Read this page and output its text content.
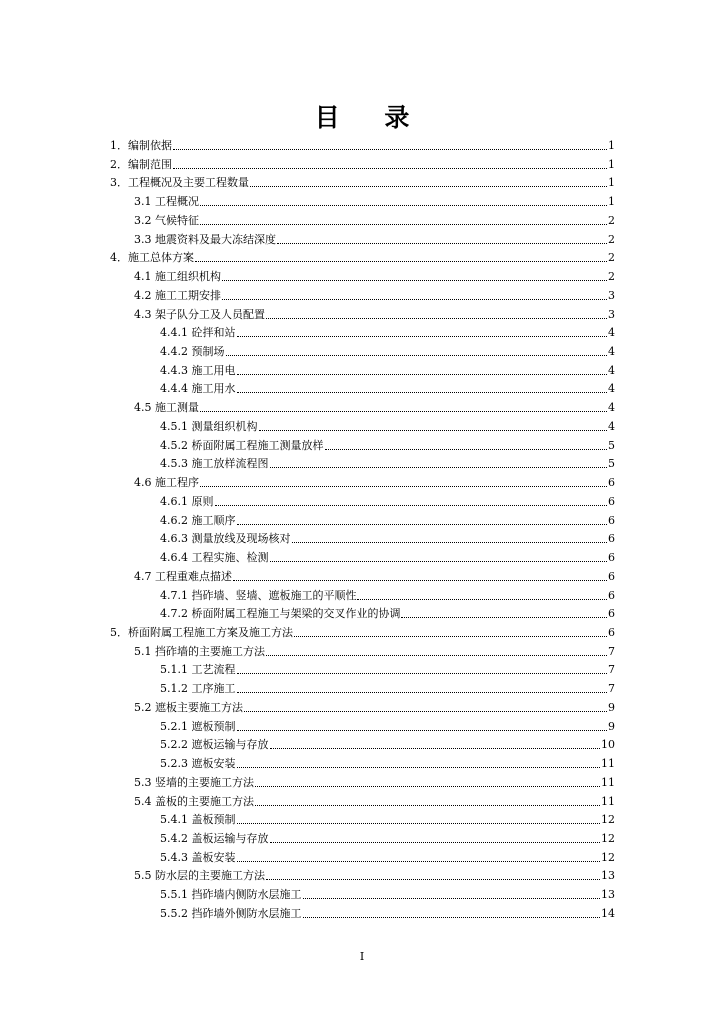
目 录
1．编制依据	1
2．编制范围	1
3．工程概况及主要工程数量	1
3.1 工程概况	1
3.2 气候特征	2
3.3 地震资料及最大冻结深度	2
4．施工总体方案	2
4.1 施工组织机构	2
4.2 施工工期安排	3
4.3 架子队分工及人员配置	3
4.4.1 砼拌和站	4
4.4.2 预制场	4
4.4.3 施工用电	4
4.4.4 施工用水	4
4.5 施工测量	4
4.5.1 测量组织机构	4
4.5.2 桥面附属工程施工测量放样	5
4.5.3 施工放样流程图	5
4.6 施工程序	6
4.6.1 原则	6
4.6.2 施工顺序	6
4.6.3 测量放线及现场核对	6
4.6.4 工程实施、检测	6
4.7 工程重难点描述	6
4.7.1 挡砟墙、竖墙、遮板施工的平顺性	6
4.7.2 桥面附属工程施工与架梁的交叉作业的协调	6
5．桥面附属工程施工方案及施工方法	6
5.1 挡砟墙的主要施工方法	7
5.1.1 工艺流程	7
5.1.2 工序施工	7
5.2 遮板主要施工方法	9
5.2.1 遮板预制	9
5.2.2 遮板运输与存放	10
5.2.3 遮板安装	11
5.3 竖墙的主要施工方法	11
5.4 盖板的主要施工方法	11
5.4.1 盖板预制	12
5.4.2 盖板运输与存放	12
5.4.3 盖板安装	12
5.5 防水层的主要施工方法	13
5.5.1 挡砟墙内侧防水层施工	13
5.5.2 挡砟墙外侧防水层施工	14
I
